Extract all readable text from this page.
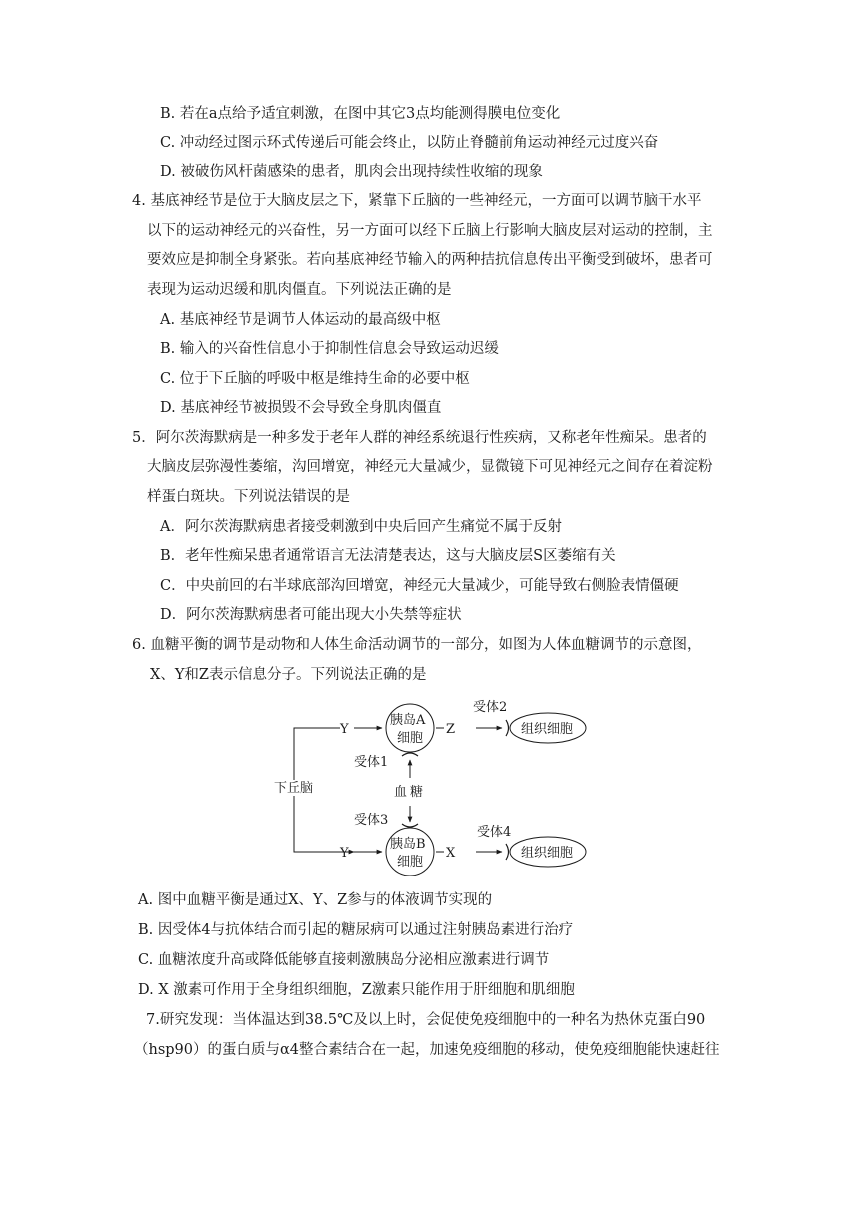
B. 若在a点给予适宜刺激，在图中其它3点均能测得膜电位变化
C. 冲动经过图示环式传递后可能会终止，以防止脊髓前角运动神经元过度兴奋
D. 被破伤风杆菌感染的患者，肌肉会出现持续性收缩的现象
4. 基底神经节是位于大脑皮层之下，紧靠下丘脑的一些神经元，一方面可以调节脑干水平
以下的运动神经元的兴奋性，另一方面可以经下丘脑上行影响大脑皮层对运动的控制，主
要效应是抑制全身紧张。若向基底神经节输入的两种拮抗信息传出平衡受到破坏，患者可
表现为运动迟缓和肌肉僵直。下列说法正确的是
A. 基底神经节是调节人体运动的最高级中枢
B. 输入的兴奋性信息小于抑制性信息会导致运动迟缓
C. 位于下丘脑的呼吸中枢是维持生命的必要中枢
D. 基底神经节被损毁不会导致全身肌肉僵直
5．阿尔茨海默病是一种多发于老年人群的神经系统退行性疾病，又称老年性痴呆。患者的
大脑皮层弥漫性萎缩，沟回增宽，神经元大量减少，显微镜下可见神经元之间存在着淀粉
样蛋白斑块。下列说法错误的是
A．阿尔茨海默病患者接受刺激到中央后回产生痛觉不属于反射
B．老年性痴呆患者通常语言无法清楚表达，这与大脑皮层S区萎缩有关
C．中央前回的右半球底部沟回增宽，神经元大量减少，可能导致右侧脸表情僵硬
D．阿尔茨海默病患者可能出现大小失禁等症状
6. 血糖平衡的调节是动物和人体生命活动调节的一部分，如图为人体血糖调节的示意图，
X、Y和Z表示信息分子。下列说法正确的是
下丘脑
Y
Y
胰岛A
细胞
胰岛B
细胞
受体1
受体3
血 糖
Z
受体2
组织细胞
X
受体4
组织细胞
A. 图中血糖平衡是通过X、Y、Z参与的体液调节实现的
B. 因受体4与抗体结合而引起的糖尿病可以通过注射胰岛素进行治疗
C. 血糖浓度升高或降低能够直接刺激胰岛分泌相应激素进行调节
D. X 激素可作用于全身组织细胞，Z激素只能作用于肝细胞和肌细胞
7.研究发现：当体温达到38.5℃及以上时，会促使免疫细胞中的一种名为热休克蛋白90
（hsp90）的蛋白质与α4整合素结合在一起，加速免疫细胞的移动，使免疫细胞能快速赶往
